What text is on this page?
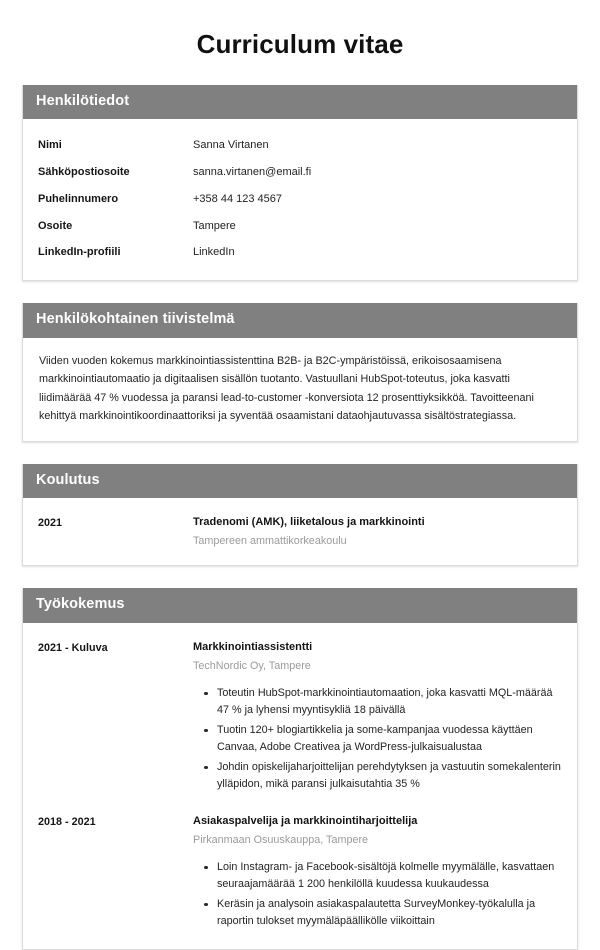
Curriculum vitae
Henkilötiedot
Nimi	Sanna Virtanen
Sähköpostiosoite	sanna.virtanen@email.fi
Puhelinnumero	+358 44 123 4567
Osoite	Tampere
LinkedIn-profiili	LinkedIn
Henkilökohtainen tiivistelmä

Viiden vuoden kokemus markkinointiassistenttina B2B- ja B2C-ympäristöissä, erikoisosaamisena markkinointiautomaatio ja digitaalisen sisällön tuotanto. Vastuullani HubSpot-toteutus, joka kasvatti liidimäärää 47 % vuodessa ja paransi lead-to-customer -konversiota 12 prosenttiyksikköä. Tavoitteenani kehittyä markkinointikoordinaattoriksi ja syventää osaamistani dataohjautuvassa sisältöstrategiassa.

Koulutus
2021	Tradenomi (AMK), liiketalous ja markkinointi
Tampereen ammattikorkeakoulu
Työkokemus
2021 - Kuluva	Markkinointiassistentti
TechNordic Oy, Tampere
Toteutin HubSpot-markkinointiautomaation, joka kasvatti MQL-määrää 47 % ja lyhensi myyntisykliä 18 päivällä
Tuotin 120+ blogiartikkelia ja some-kampanjaa vuodessa käyttäen Canvaa, Adobe Creativea ja WordPress-julkaisualustaa
Johdin opiskelijaharjoittelijan perehdytyksen ja vastuutin somekalenterin ylläpidon, mikä paransi julkaisutahtia 35 %
2018 - 2021	Asiakaspalvelija ja markkinointiharjoittelija
Pirkanmaan Osuuskauppa, Tampere
Loin Instagram- ja Facebook-sisältöjä kolmelle myymälälle, kasvattaen seuraajamäärää 1 200 henkilöllä kuudessa kuukaudessa
Keräsin ja analysoin asiakaspalautetta SurveyMonkey-työkalulla ja raportin tulokset myymäläpäällikölle viikoittain
